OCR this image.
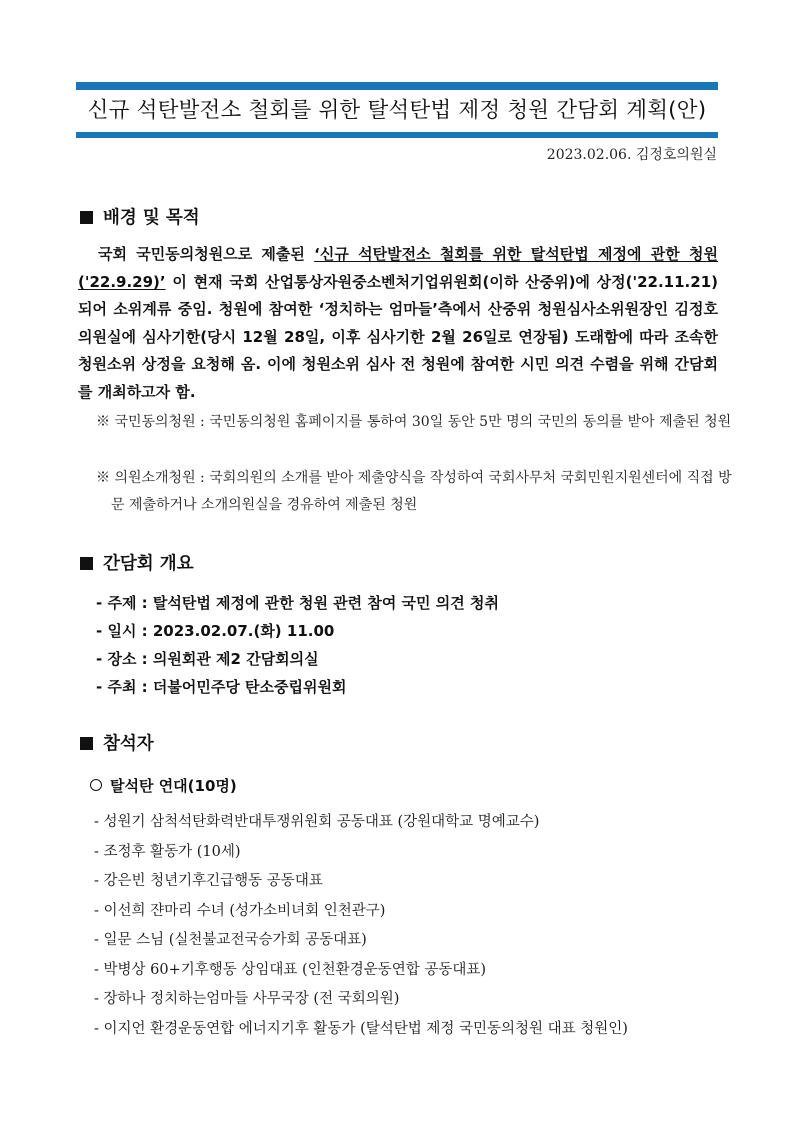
신규 석탄발전소 철회를 위한 탈석탄법 제정 청원 간담회 계획(안)
2023.02.06. 김정호의원실
배경 및 목적
국회 국민동의청원으로 제출된 ‘신규 석탄발전소 철회를 위한 탈석탄법 제정에 관한 청원('22.9.29)’ 이 현재 국회 산업통상자원중소벤처기업위원회(이하 산중위)에 상정('22.11.21) 되어 소위계류 중임. 청원에 참여한 ‘정치하는 엄마들’측에서 산중위 청원심사소위원장인 김정호 의원실에 심사기한(당시 12월 28일, 이후 심사기한 2월 26일로 연장됨) 도래함에 따라 조속한 청원소위 상정을 요청해 옴. 이에 청원소위 심사 전 청원에 참여한 시민 의견 수렴을 위해 간담회를 개최하고자 함.
※ 국민동의청원 : 국민동의청원 홈페이지를 통하여 30일 동안 5만 명의 국민의 동의를 받아 제출된 청원
※ 의원소개청원 : 국회의원의 소개를 받아 제출양식을 작성하여 국회사무처 국회민원지원센터에 직접 방문 제출하거나 소개의원실을 경유하여 제출된 청원
간담회 개요
- 주제 : 탈석탄법 제정에 관한 청원 관련 참여 국민 의견 청취
- 일시 : 2023.02.07.(화) 11.00
- 장소 : 의원회관 제2 간담회의실
- 주최 : 더불어민주당 탄소중립위원회
참석자
탈석탄 연대(10명)
- 성원기 삼척석탄화력반대투쟁위원회 공동대표 (강원대학교 명예교수)
- 조정후 활동가 (10세)
- 강은빈 청년기후긴급행동 공동대표
- 이선희 쟌마리 수녀 (성가소비녀회 인천관구)
- 일문 스님 (실천불교전국승가회 공동대표)
- 박병상 60+기후행동 상임대표 (인천환경운동연합 공동대표)
- 장하나 정치하는엄마들 사무국장 (전 국회의원)
- 이지언 환경운동연합 에너지기후 활동가 (탈석탄법 제정 국민동의청원 대표 청원인)
